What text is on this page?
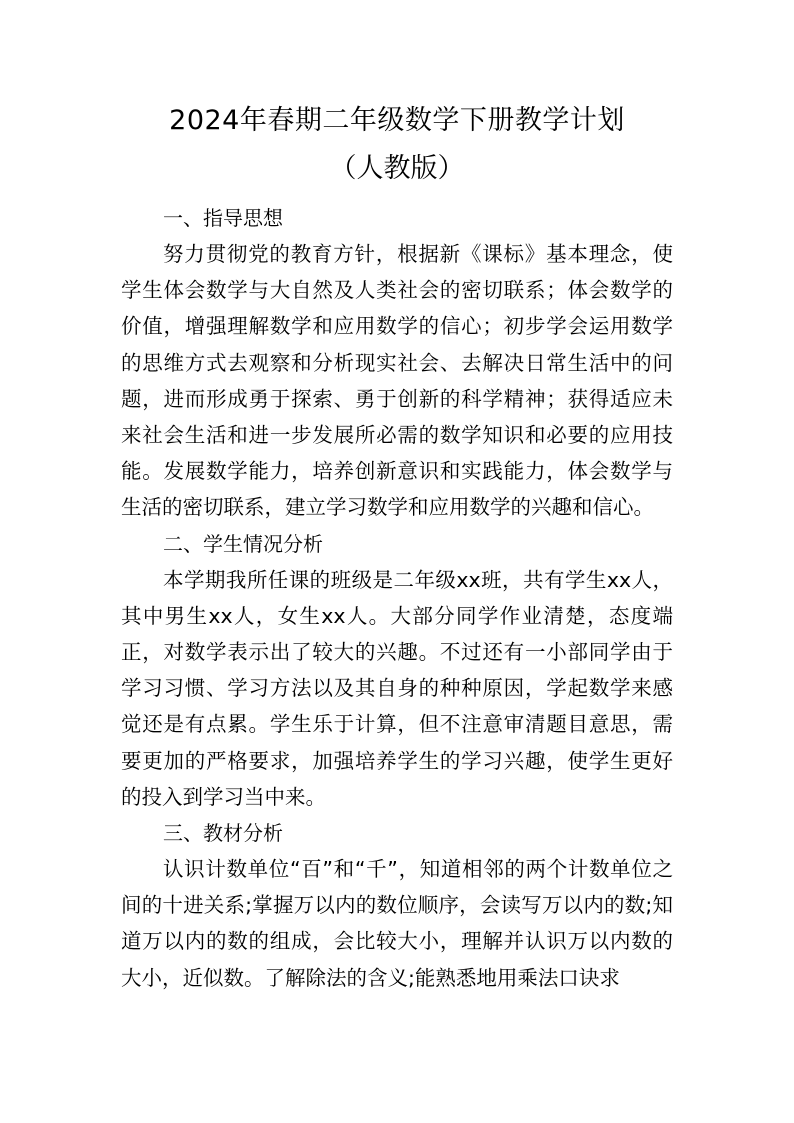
2024年春期二年级数学下册教学计划
（人教版）
一、指导思想

努力贯彻党的教育方针，根据新《课标》基本理念，使学生体会数学与大自然及人类社会的密切联系；体会数学的价值，增强理解数学和应用数学的信心；初步学会运用数学的思维方式去观察和分析现实社会、去解决日常生活中的问题，进而形成勇于探索、勇于创新的科学精神；获得适应未来社会生活和进一步发展所必需的数学知识和必要的应用技能。发展数学能力，培养创新意识和实践能力，体会数学与生活的密切联系，建立学习数学和应用数学的兴趣和信心。

二、学生情况分析

本学期我所任课的班级是二年级xx班，共有学生xx人，其中男生xx人，女生xx人。大部分同学作业清楚，态度端正，对数学表示出了较大的兴趣。不过还有一小部同学由于学习习惯、学习方法以及其自身的种种原因，学起数学来感觉还是有点累。学生乐于计算，但不注意审清题目意思，需要更加的严格要求，加强培养学生的学习兴趣，使学生更好的投入到学习当中来。

三、教材分析

认识计数单位“百”和“千”，知道相邻的两个计数单位之间的十进关系;掌握万以内的数位顺序，会读写万以内的数;知道万以内的数的组成，会比较大小，理解并认识万以内数的大小，近似数。了解除法的含义;能熟悉地用乘法口诀求
